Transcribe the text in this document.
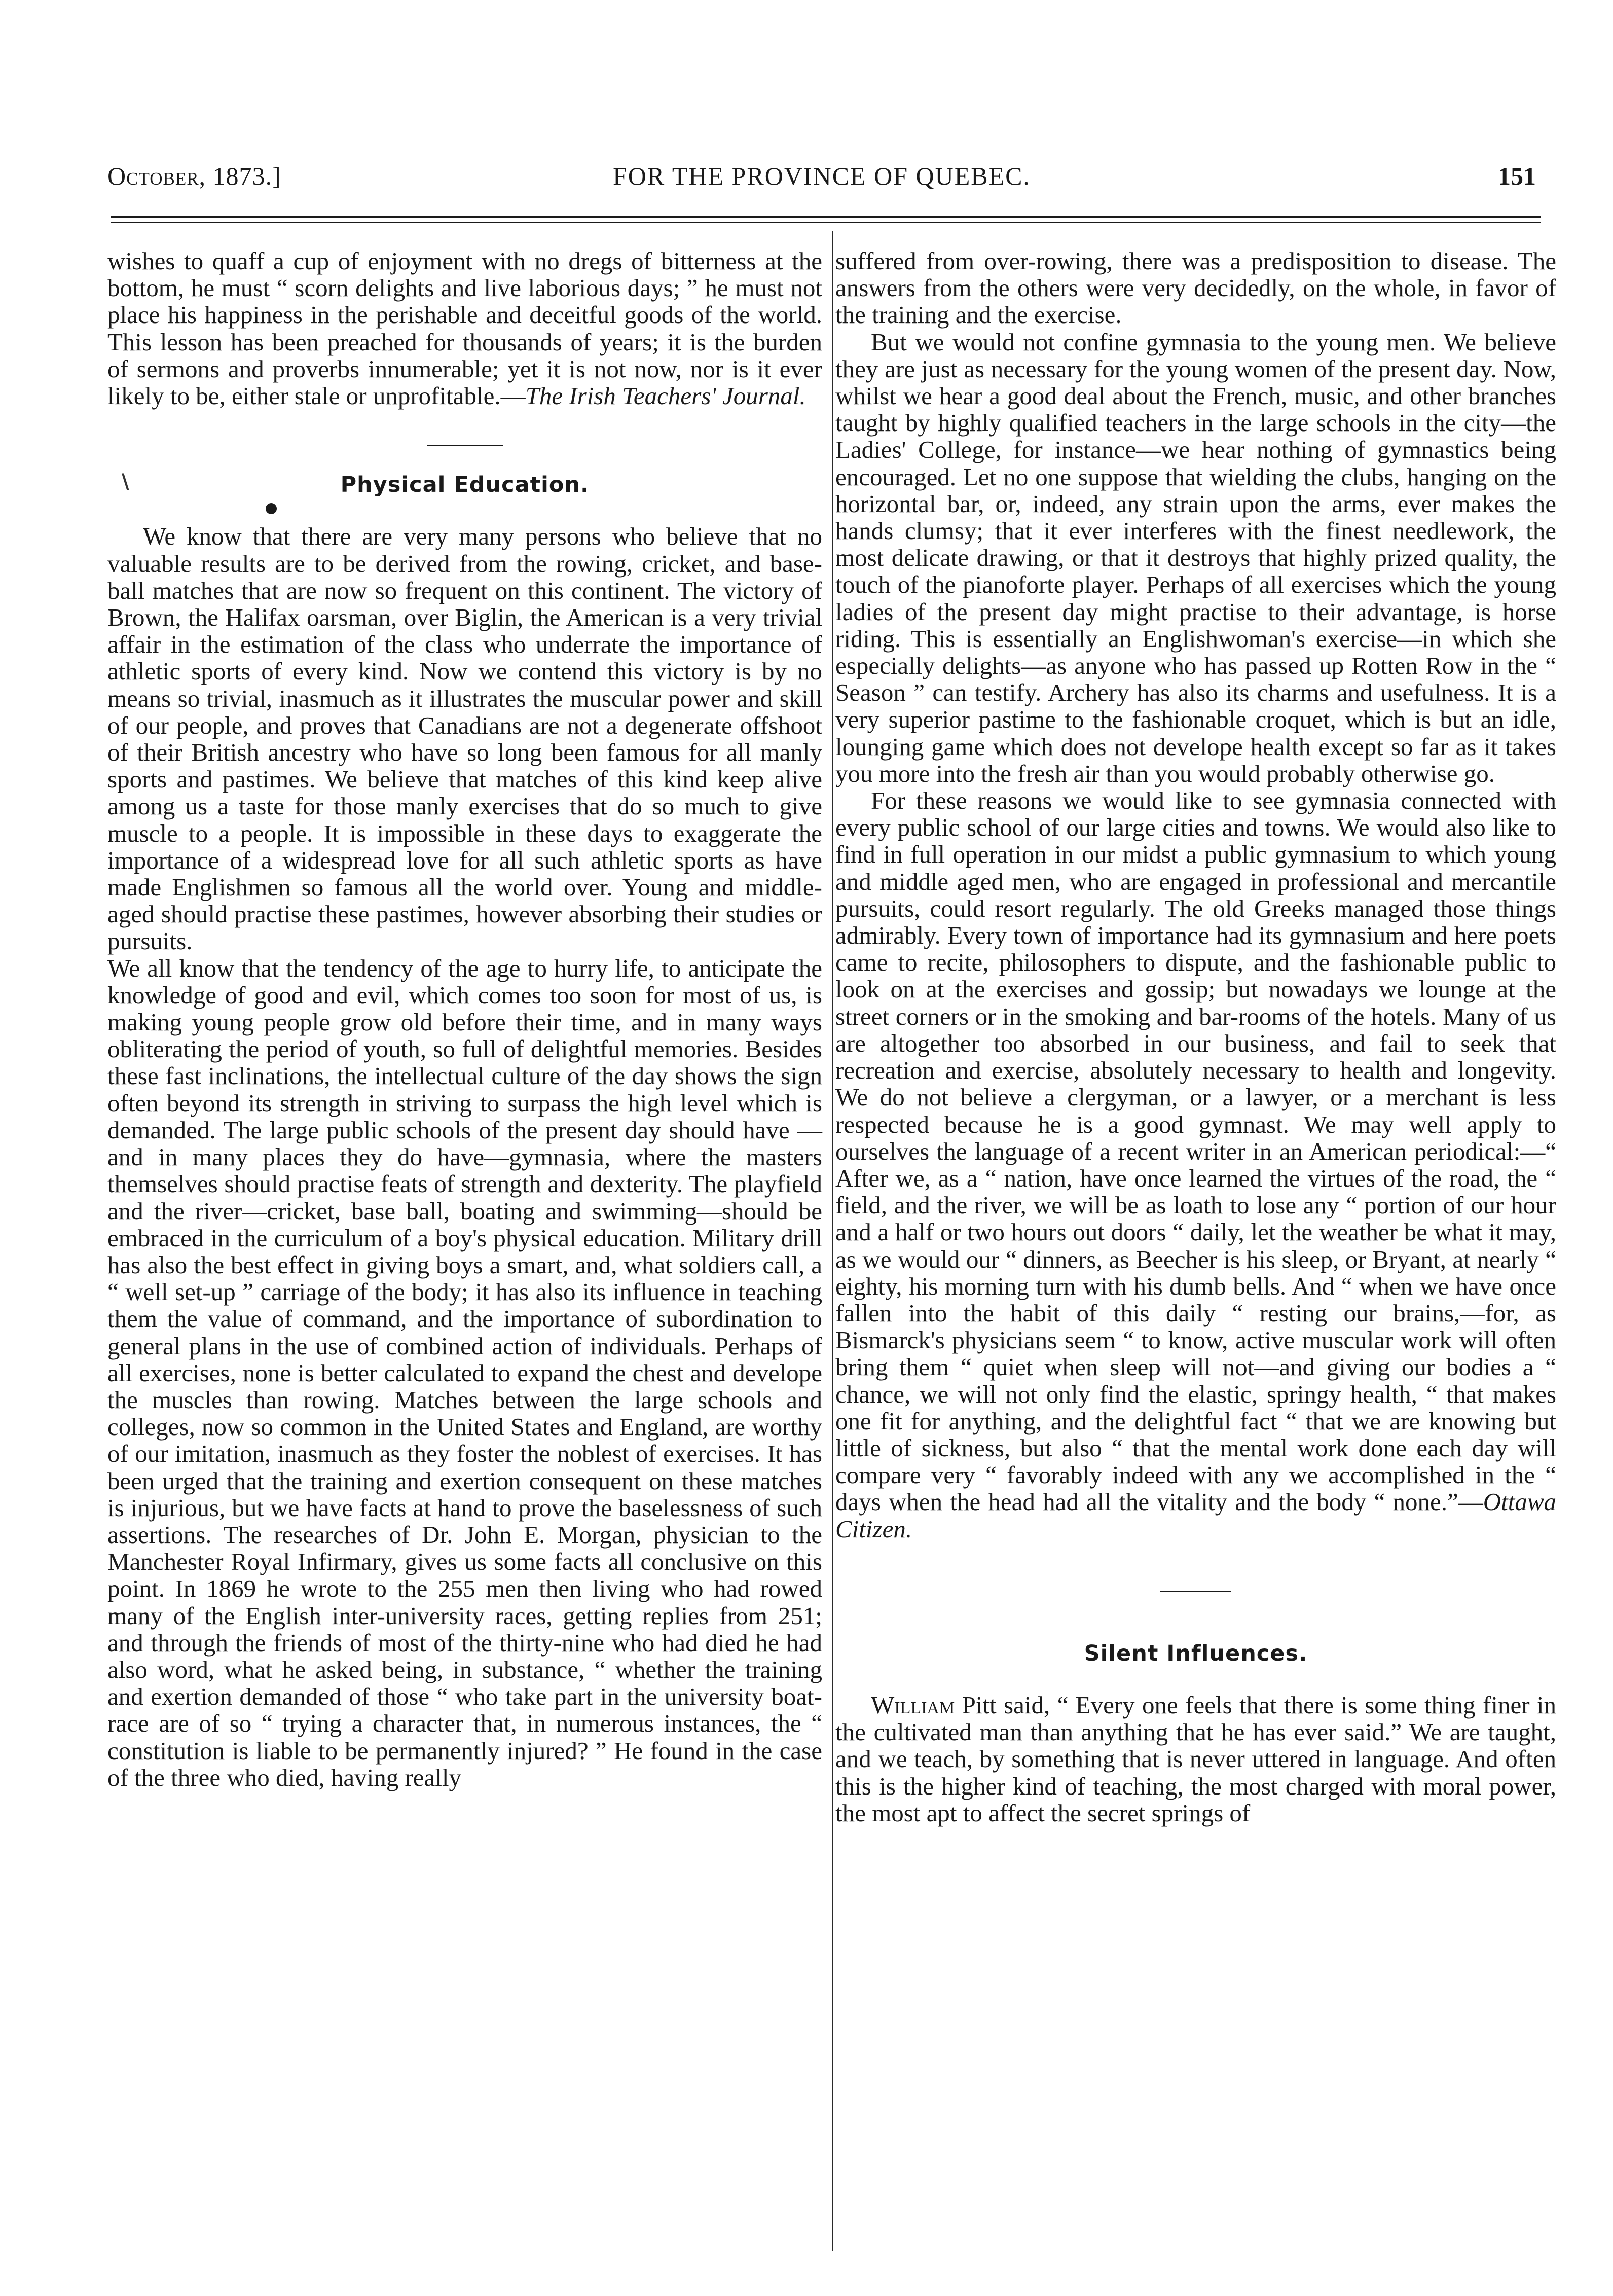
October, 1873.]	FOR THE PROVINCE OF QUEBEC.	151

wishes to quaff a cup of enjoyment with no dregs of bitterness at the bottom, he must “ scorn delights and live laborious days; ” he must not place his happiness in the perishable and deceitful goods of the world. This lesson has been preached for thousands of years; it is the burden of sermons and proverbs innumerable; yet it is not now, nor is it ever likely to be, either stale or unprofitable.—The Irish Teachers' Journal.

\	Physical Education.

We know that there are very many persons who believe that no valuable results are to be derived from the rowing, cricket, and base-ball matches that are now so frequent on this continent. The victory of Brown, the Halifax oarsman, over Biglin, the American is a very trivial affair in the estimation of the class who underrate the importance of athletic sports of every kind. Now we contend this victory is by no means so trivial, inasmuch as it illustrates the muscular power and skill of our people, and proves that Canadians are not a degenerate offshoot of their British ancestry who have so long been famous for all manly sports and pastimes. We believe that matches of this kind keep alive among us a taste for those manly exercises that do so much to give muscle to a people. It is impossible in these days to exaggerate the importance of a widespread love for all such athletic sports as have made Englishmen so famous all the world over. Young and middle-aged should practise these pastimes, however absorbing their studies or pursuits.

We all know that the tendency of the age to hurry life, to anticipate the knowledge of good and evil, which comes too soon for most of us, is making young people grow old before their time, and in many ways obliterating the period of youth, so full of delightful memories. Besides these fast inclinations, the intellectual culture of the day shows the sign often beyond its strength in striving to surpass the high level which is demanded. The large public schools of the present day should have —and in many places they do have—gymnasia, where the masters themselves should practise feats of strength and dexterity. The playfield and the river—cricket, base ball, boating and swimming—should be embraced in the curriculum of a boy's physical education. Military drill has also the best effect in giving boys a smart, and, what soldiers call, a “ well set-up ” carriage of the body; it has also its influence in teaching them the value of command, and the importance of subordination to general plans in the use of combined action of individuals. Perhaps of all exercises, none is better calculated to expand the chest and develope the muscles than rowing. Matches between the large schools and colleges, now so common in the United States and England, are worthy of our imitation, inasmuch as they foster the noblest of exercises. It has been urged that the training and exertion consequent on these matches is injurious, but we have facts at hand to prove the baselessness of such assertions. The researches of Dr. John E. Morgan, physician to the Manchester Royal Infirmary, gives us some facts all conclusive on this point. In 1869 he wrote to the 255 men then living who had rowed many of the English inter-university races, getting replies from 251; and through the friends of most of the thirty-nine who had died he had also word, what he asked being, in substance, “ whether the training and exertion demanded of those “ who take part in the university boat-race are of so “ trying a character that, in numerous instances, the “ constitution is liable to be permanently injured? ” He found in the case of the three who died, having really

suffered from over-rowing, there was a predisposition to disease. The answers from the others were very decidedly, on the whole, in favor of the training and the exercise.

But we would not confine gymnasia to the young men. We believe they are just as necessary for the young women of the present day. Now, whilst we hear a good deal about the French, music, and other branches taught by highly qualified teachers in the large schools in the city—the Ladies' College, for instance—we hear nothing of gymnastics being encouraged. Let no one suppose that wielding the clubs, hanging on the horizontal bar, or, indeed, any strain upon the arms, ever makes the hands clumsy; that it ever interferes with the finest needlework, the most delicate drawing, or that it destroys that highly prized quality, the touch of the pianoforte player. Perhaps of all exercises which the young ladies of the present day might practise to their advantage, is horse riding. This is essentially an Englishwoman's exercise—in which she especially delights—as anyone who has passed up Rotten Row in the “ Season ” can testify. Archery has also its charms and usefulness. It is a very superior pastime to the fashionable croquet, which is but an idle, lounging game which does not develope health except so far as it takes you more into the fresh air than you would probably otherwise go.

For these reasons we would like to see gymnasia connected with every public school of our large cities and towns. We would also like to find in full operation in our midst a public gymnasium to which young and middle aged men, who are engaged in professional and mercantile pursuits, could resort regularly. The old Greeks managed those things admirably. Every town of importance had its gymnasium and here poets came to recite, philosophers to dispute, and the fashionable public to look on at the exercises and gossip; but nowadays we lounge at the street corners or in the smoking and bar-rooms of the hotels. Many of us are altogether too absorbed in our business, and fail to seek that recreation and exercise, absolutely necessary to health and longevity. We do not believe a clergyman, or a lawyer, or a merchant is less respected because he is a good gymnast. We may well apply to ourselves the language of a recent writer in an American periodical:—“ After we, as a “ nation, have once learned the virtues of the road, the “ field, and the river, we will be as loath to lose any “ portion of our hour and a half or two hours out doors “ daily, let the weather be what it may, as we would our “ dinners, as Beecher is his sleep, or Bryant, at nearly “ eighty, his morning turn with his dumb bells. And “ when we have once fallen into the habit of this daily “ resting our brains,—for, as Bismarck's physicians seem “ to know, active muscular work will often bring them “ quiet when sleep will not—and giving our bodies a “ chance, we will not only find the elastic, springy health, “ that makes one fit for anything, and the delightful fact “ that we are knowing but little of sickness, but also “ that the mental work done each day will compare very “ favorably indeed with any we accomplished in the “ days when the head had all the vitality and the body “ none.”—Ottawa Citizen.

Silent Influences.

William Pitt said, “ Every one feels that there is some thing finer in the cultivated man than anything that he has ever said.” We are taught, and we teach, by something that is never uttered in language. And often this is the higher kind of teaching, the most charged with moral power, the most apt to affect the secret springs of
